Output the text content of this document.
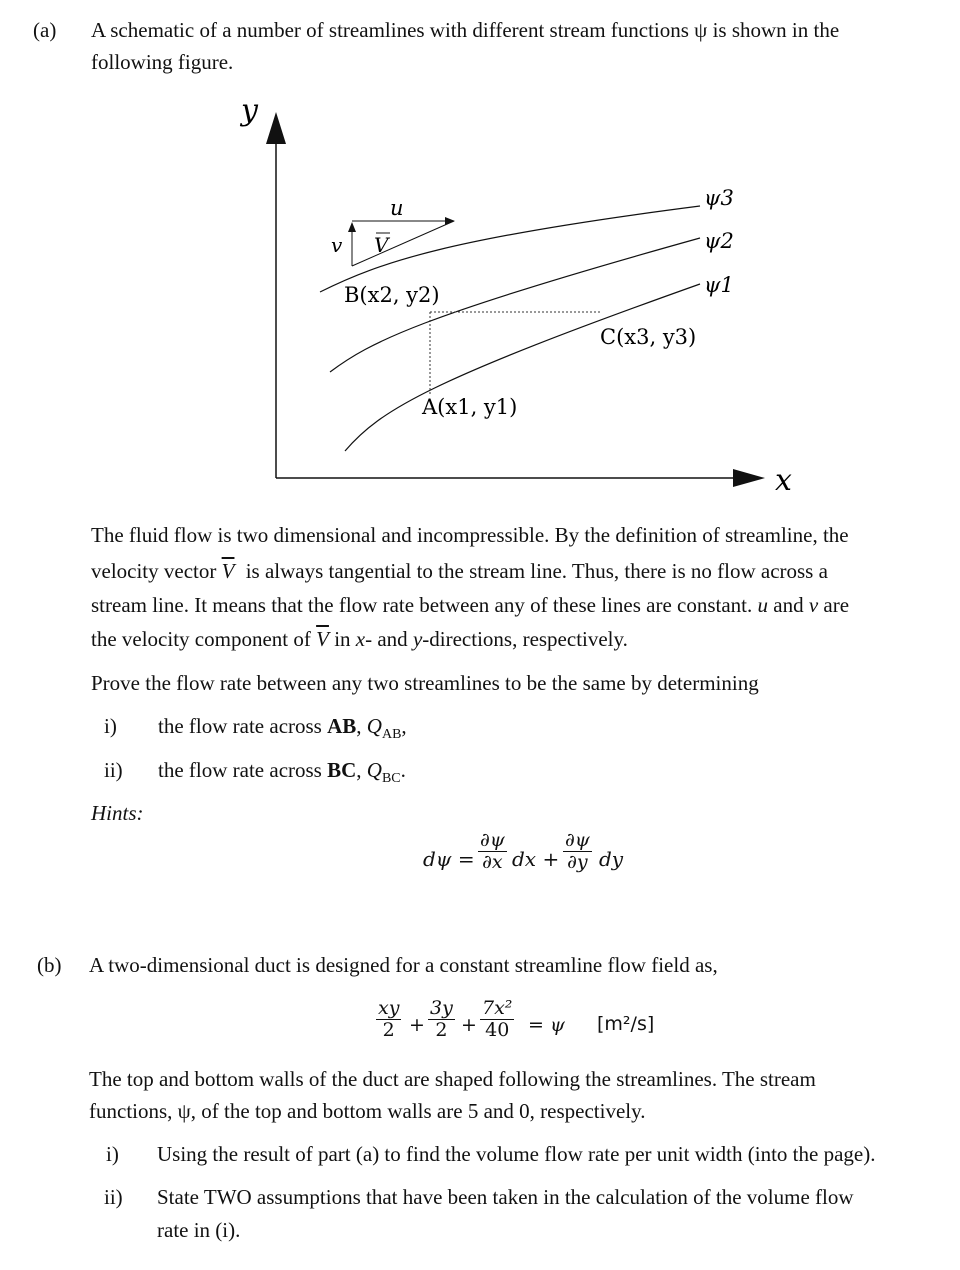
(a) A schematic of a number of streamlines with different stream functions ψ is shown in the
following figure.
y
x
u
v V
ψ3
ψ2
ψ1
B(x2, y2)
C(x3, y3)
A(x1, y1)
The fluid flow is two dimensional and incompressible. By the definition of streamline, the
velocity vector $\overline{V}$ is always tangential to the stream line. Thus, there is no flow across a
stream line. It means that the flow rate between any of these lines are constant. u and v are
the velocity component of $\overline{V}$ in x- and y-directions, respectively.
Prove the flow rate between any two streamlines to be the same by determining
i) the flow rate across AB, $Q_{AB}$,
ii) the flow rate across BC, $Q_{BC}$.
Hints:
$d\psi = \frac{\partial\psi}{\partial x}$ dx + $\frac{\partial\psi}{\partial y}$ dy
(b) A two-dimensional duct is designed for a constant streamline flow field as,
$\frac{xy}{2} + \frac{3y}{2} + \frac{\text{7x²}}{40} = \psi$ [m²/s]
The top and bottom walls of the duct are shaped following the streamlines. The stream
functions, ψ, of the top and bottom walls are 5 and 0, respectively.
i) Using the result of part (a) to find the volume flow rate per unit width (into the page).
ii) State TWO assumptions that have been taken in the calculation of the volume flow
rate in (i).
